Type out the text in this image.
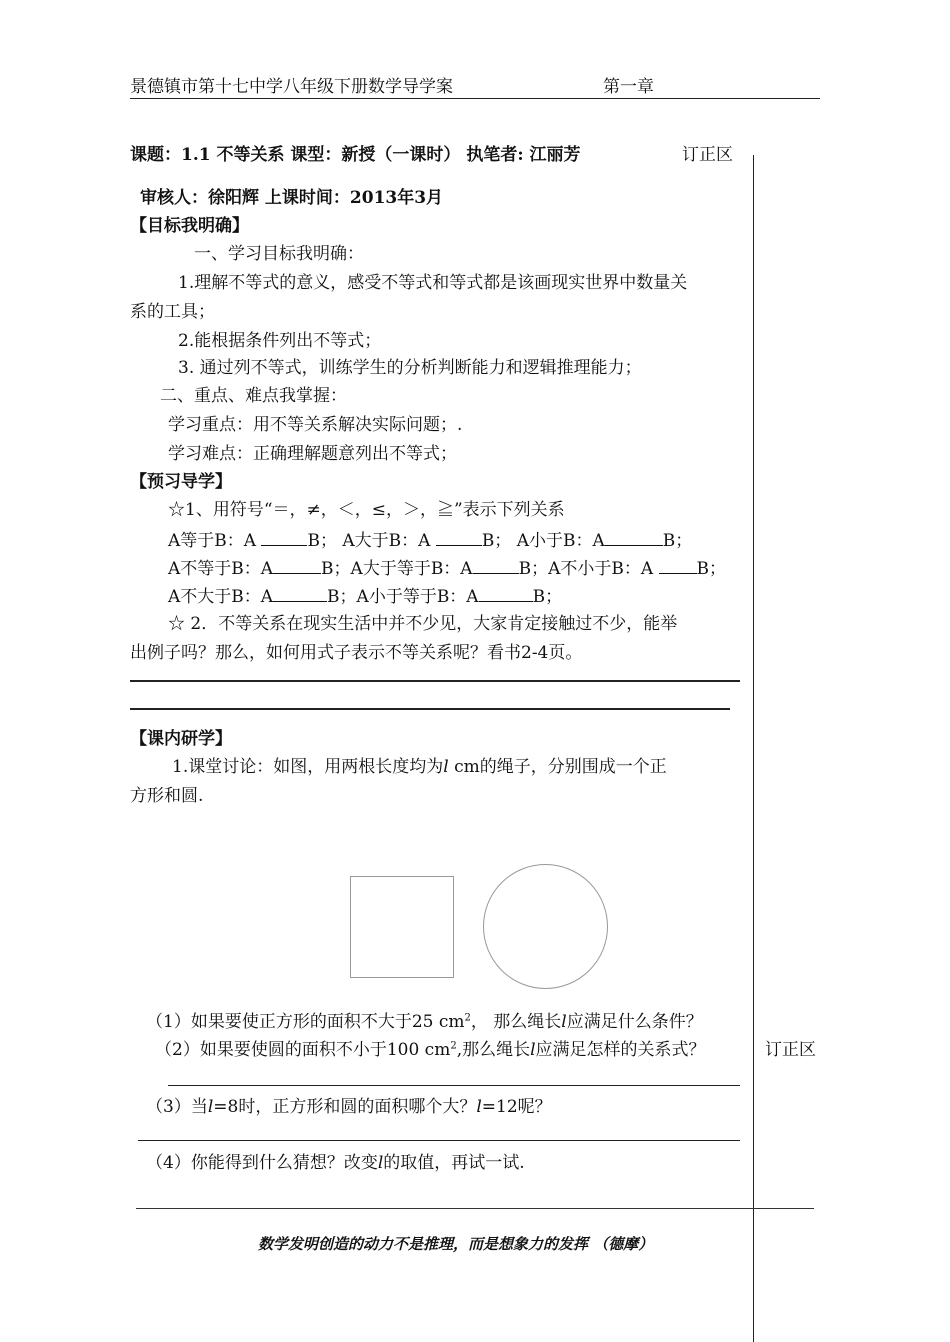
景德镇市第十七中学八年级下册数学导学案	第一章
课题：1.1 不等关系 课型：新授（一课时） 执笔者: 江丽芳	订正区
审核人：徐阳辉 上课时间：2013年3月
【目标我明确】
一、学习目标我明确：
1.理解不等式的意义，感受不等式和等式都是该画现实世界中数量关
系的工具；
2.能根据条件列出不等式；
3. 通过列不等式，训练学生的分析判断能力和逻辑推理能力；
二、重点、难点我掌握：
学习重点：用不等关系解决实际问题；.
学习难点：正确理解题意列出不等式；
【预习导学】
☆1、用符号“＝，≠，＜，≤，＞，≧”表示下列关系
A等于B：A	B； A大于B：A	B； A小于B：A	B；
A不等于B：A	B；A大于等于B：A	B；A不小于B：A B；
A不大于B：A	B；A小于等于B：A	B；
☆ 2．不等关系在现实生活中并不少见，大家肯定接触过不少，能举
出例子吗？那么，如何用式子表示不等关系呢？看书2-4页。
【课内研学】
1.课堂讨论：如图，用两根长度均为l cm的绳子，分别围成一个正
方形和圆.
（1）如果要使正方形的面积不大于25 $cm^2$， 那么绳长l应满足什么条件？
（2）如果要使圆的面积不小于100 $cm^2$,那么绳长l应满足怎样的关系式？	订正区
（3）当l=8时，正方形和圆的面积哪个大？l=12呢？
（4）你能得到什么猜想？改变l的取值，再试一试.
数学发明创造的动力不是推理，而是想象力的发挥 （德摩）
